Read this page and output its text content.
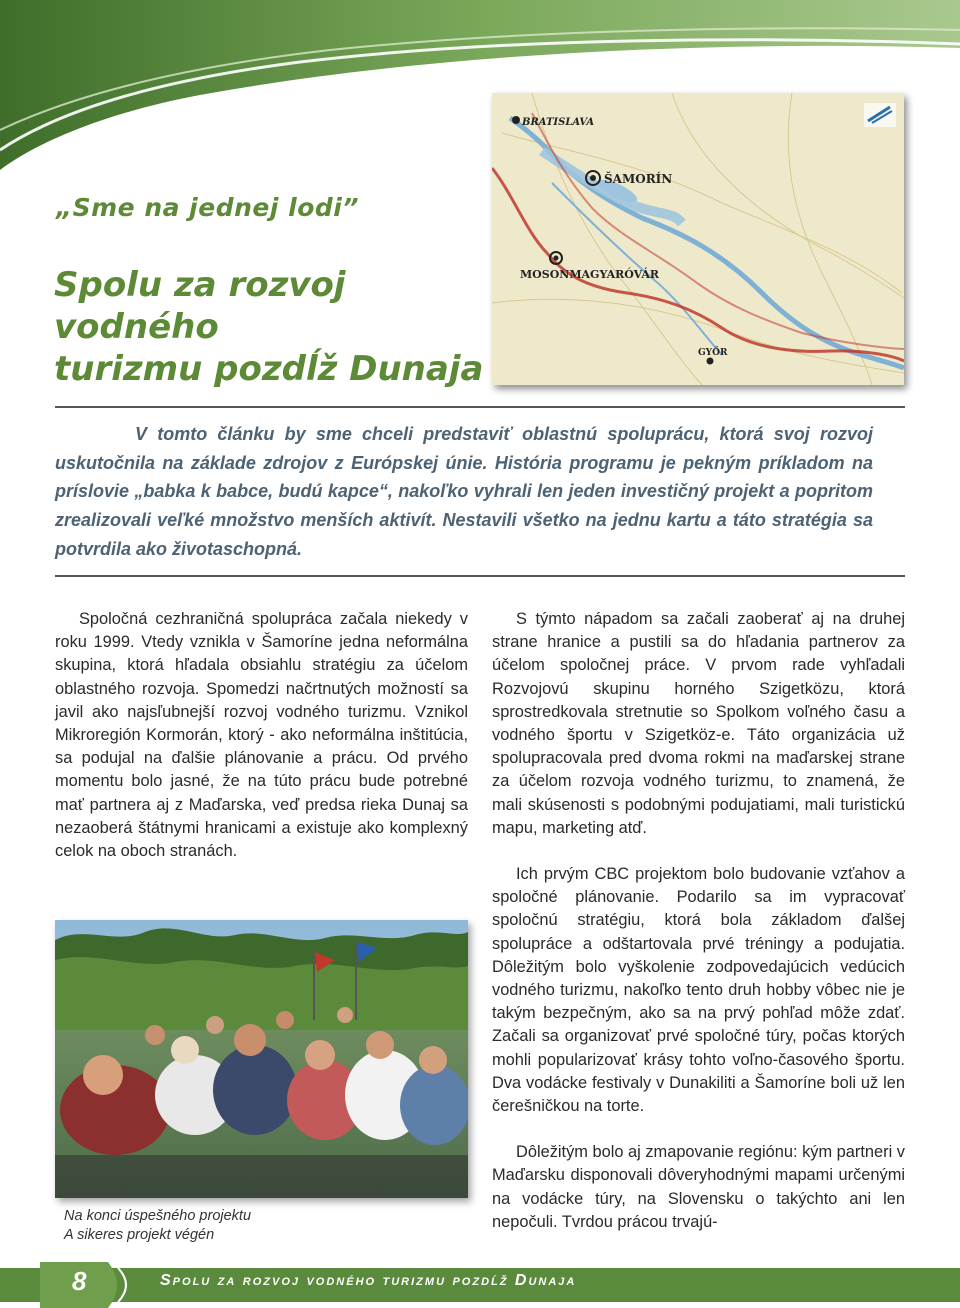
„Sme na jednej lodi”
Spolu za rozvoj vodného
turizmu pozdĺž Dunaja
BRATISLAVA
ŠAMORÍN
MOSONMAGYARÓVÁR
GYŐR

V tomto článku by sme chceli predstaviť oblastnú spoluprácu, ktorá svoj rozvoj uskutočnila na základe zdrojov z Európskej únie. História programu je pekným príkladom na príslovie „babka k babce, budú kapce“, nakoľko vyhrali len jeden investičný projekt a popritom zrealizovali veľké množstvo menších aktivít. Nestavili všetko na jednu kartu a táto stratégia sa potvrdila ako životaschopná.

Spoločná cezhraničná spolupráca začala niekedy v roku 1999. Vtedy vznikla v Šamoríne jedna neformálna skupina, ktorá hľadala obsiahlu stratégiu za účelom oblastného rozvoja. Spomedzi načrtnutých možností sa javil ako najsľubnejší rozvoj vodného turizmu. Vznikol Mikroregión Kormorán, ktorý - ako neformálna inštitúcia, sa podujal na ďalšie plánovanie a prácu. Od prvého momentu bolo jasné, že na túto prácu bude potrebné mať partnera aj z Maďarska, veď predsa rieka Dunaj sa nezaoberá štátnymi hranicami a existuje ako komplexný celok na oboch stranách.

S týmto nápadom sa začali zaoberať aj na druhej strane hranice a pustili sa do hľadania partnerov za účelom spoločnej práce. V prvom rade vyhľadali Rozvojovú skupinu horného Szigetközu, ktorá sprostredkovala stretnutie so Spolkom voľného času a vodného športu v Szigetköz-e. Táto organizácia už spolupracovala pred dvoma rokmi na maďarskej strane za účelom rozvoja vodného turizmu, to znamená, že mali skúsenosti s podobnými podujatiami, mali turistickú mapu, marketing atď.

Ich prvým CBC projektom bolo budovanie vzťahov a spoločné plánovanie. Podarilo sa im vypracovať spoločnú stratégiu, ktorá bola základom ďalšej spolupráce a odštartovala prvé tréningy a podujatia. Dôležitým bolo vyškolenie zodpovedajúcich vedúcich vodného turizmu, nakoľko tento druh hobby vôbec nie je takým bezpečným, ako sa na prvý pohľad môže zdať. Začali sa organizovať prvé spoločné túry, počas ktorých mohli popularizovať krásy tohto voľno-časového športu. Dva vodácke festivaly v Dunakiliti a Šamoríne boli už len čerešničkou na torte.

Dôležitým bolo aj zmapovanie regiónu: kým partneri v Maďarsku disponovali dôveryhodnými mapami určenými na vodácke túry, na Slovensku o takýchto ani len nepočuli. Tvrdou prácou trvajú-

Na konci úspešného projektu
A sikeres projekt végén
8	Spolu za rozvoj vodného turizmu pozdĺž Dunaja
